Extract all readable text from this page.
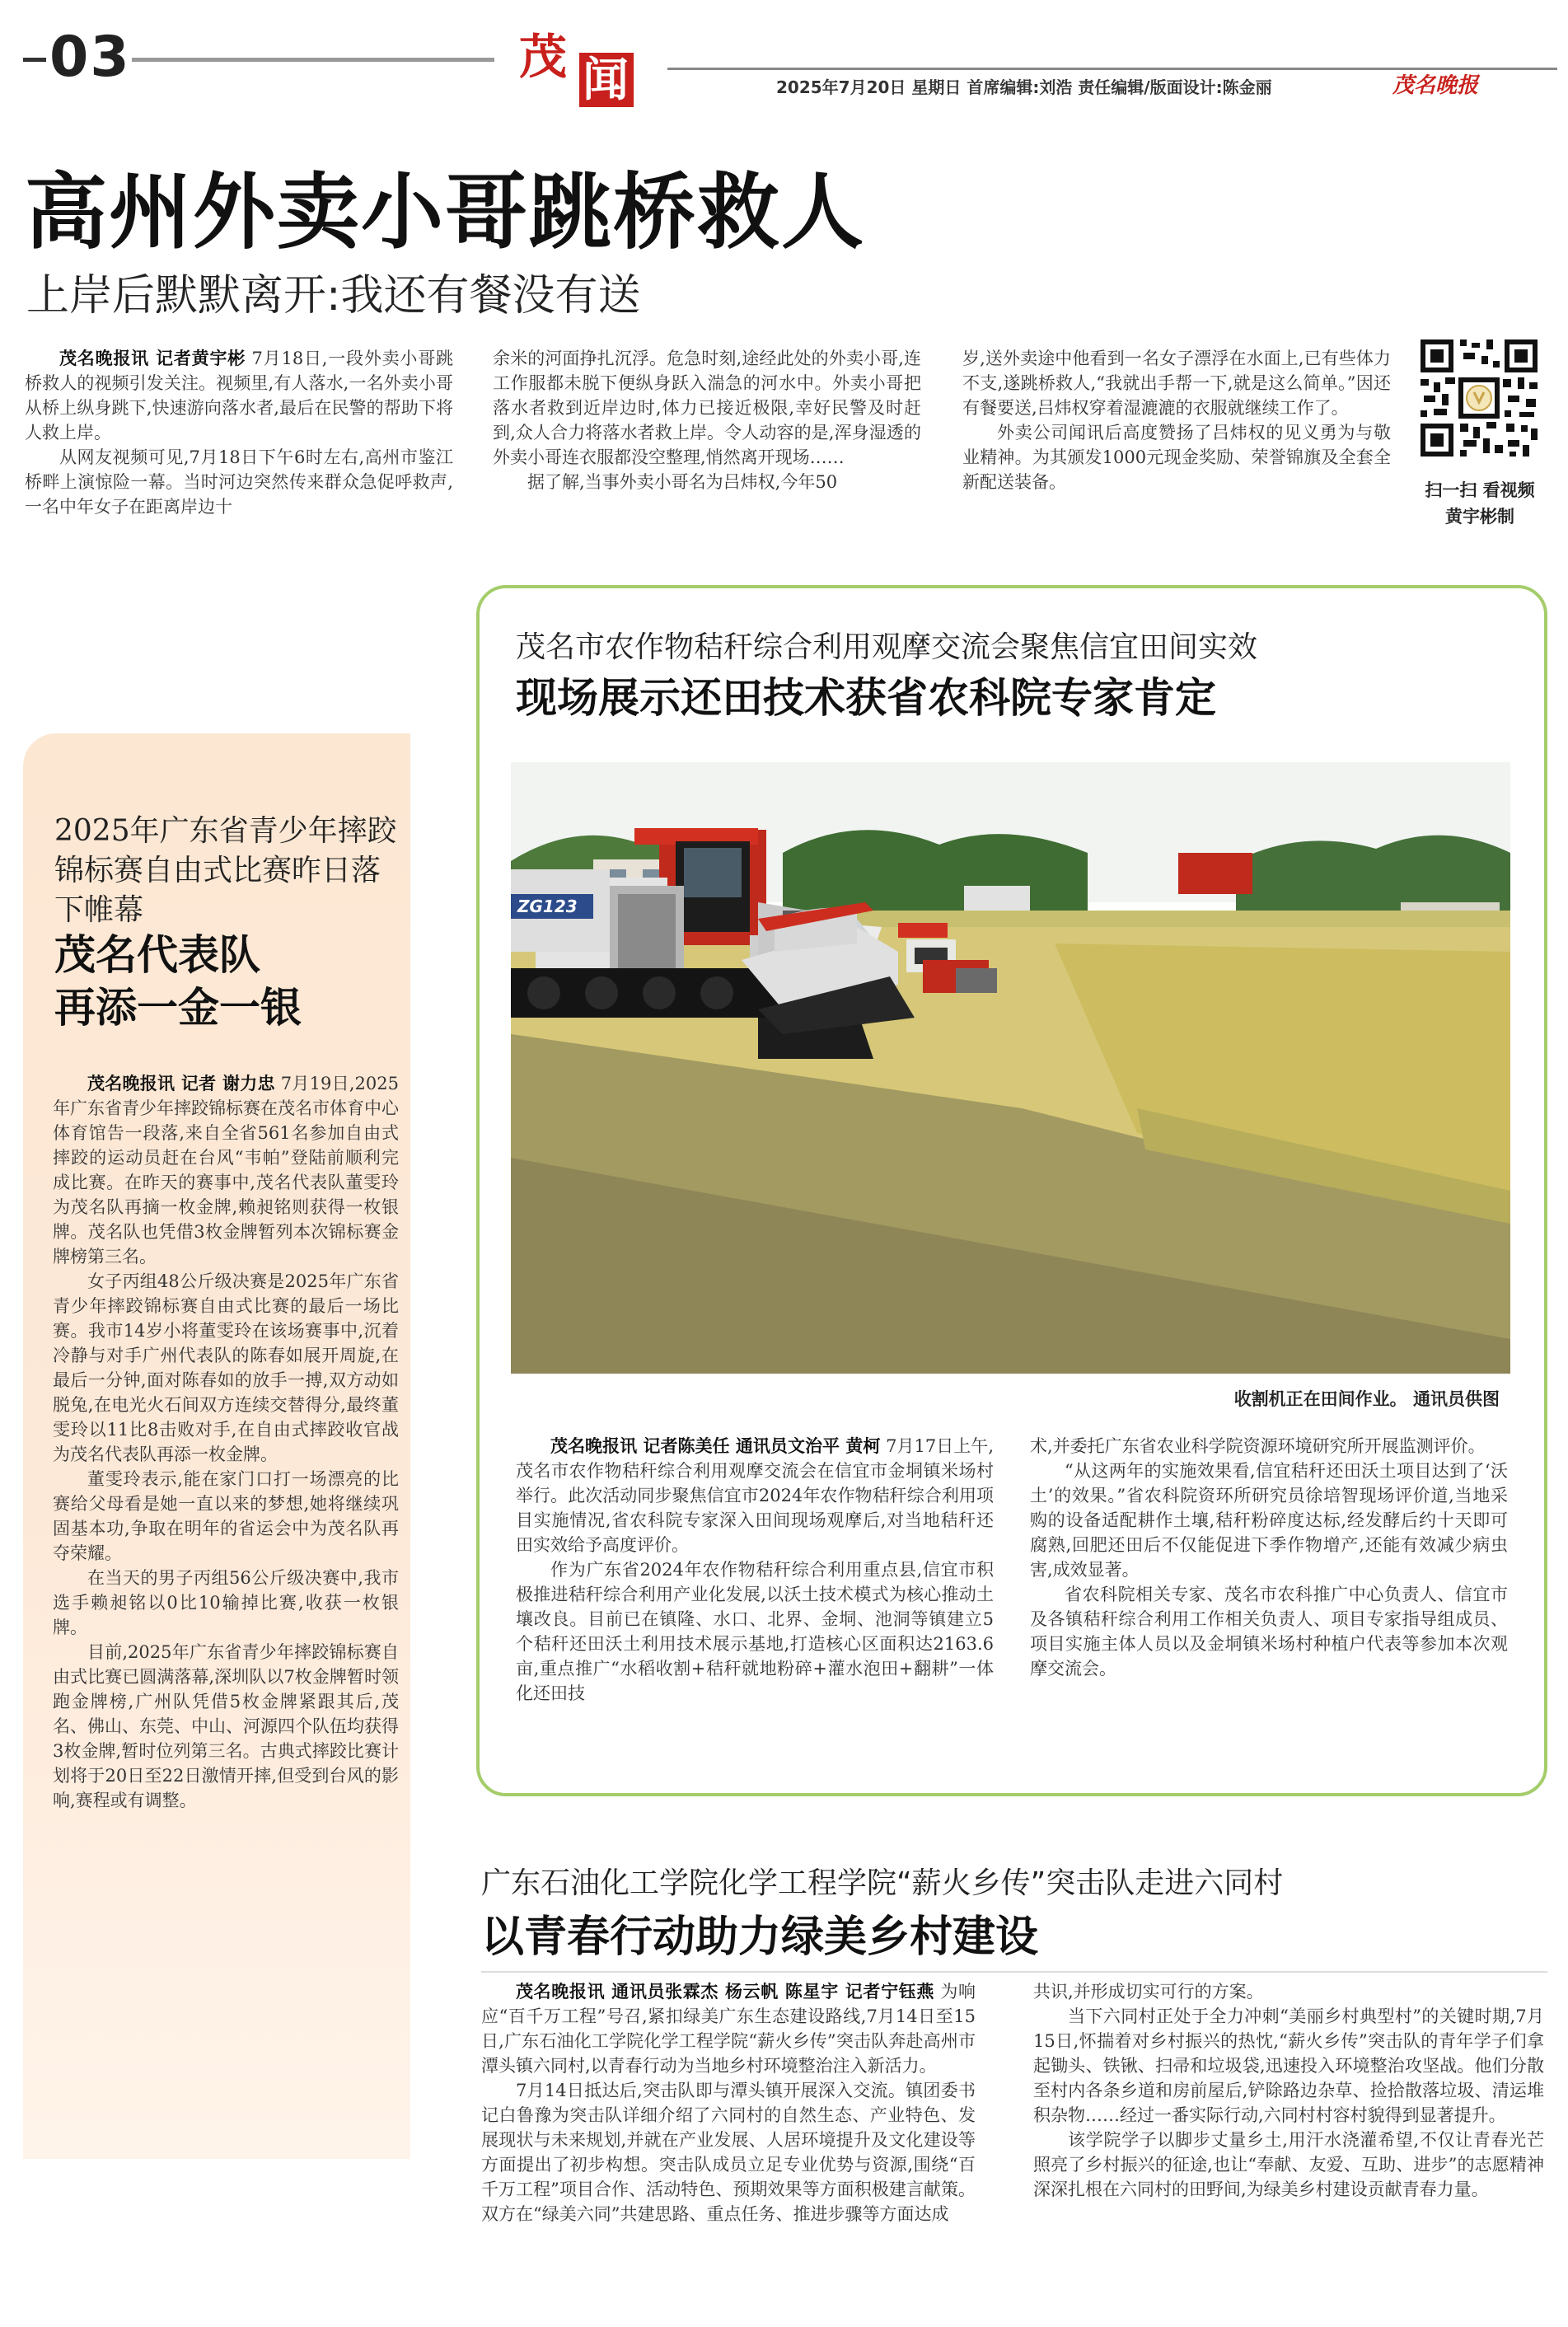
03	茂 闻	2025年7月20日 星期日 首席编辑:刘浩 责任编辑/版面设计:陈金丽	茂名晚报
高州外卖小哥跳桥救人
上岸后默默离开:我还有餐没有送

茂名晚报讯 记者黄宇彬 7月18日,一段外卖小哥跳桥救人的视频引发关注。视频里,有人落水,一名外卖小哥从桥上纵身跳下,快速游向落水者,最后在民警的帮助下将人救上岸。

从网友视频可见,7月18日下午6时左右,高州市鉴江桥畔上演惊险一幕。当时河边突然传来群众急促呼救声,一名中年女子在距离岸边十

余米的河面挣扎沉浮。危急时刻,途经此处的外卖小哥,连工作服都未脱下便纵身跃入湍急的河水中。外卖小哥把落水者救到近岸边时,体力已接近极限,幸好民警及时赶到,众人合力将落水者救上岸。令人动容的是,浑身湿透的外卖小哥连衣服都没空整理,悄然离开现场……

据了解,当事外卖小哥名为吕炜权,今年50

岁,送外卖途中他看到一名女子漂浮在水面上,已有些体力不支,遂跳桥救人,“我就出手帮一下,就是这么简单。”因还有餐要送,吕炜权穿着湿漉漉的衣服就继续工作了。

外卖公司闻讯后高度赞扬了吕炜权的见义勇为与敬业精神。为其颁发1000元现金奖励、荣誉锦旗及全套全新配送装备。	扫一扫 看视频
黄宇彬制
2025年广东省青少年摔跤锦标赛自由式比赛昨日落下帷幕
茂名代表队
再添一金一银

茂名晚报讯 记者 谢力忠 7月19日,2025年广东省青少年摔跤锦标赛在茂名市体育中心体育馆告一段落,来自全省561名参加自由式摔跤的运动员赶在台风“韦帕”登陆前顺利完成比赛。在昨天的赛事中,茂名代表队董雯玲为茂名队再摘一枚金牌,赖昶铭则获得一枚银牌。茂名队也凭借3枚金牌暂列本次锦标赛金牌榜第三名。

女子丙组48公斤级决赛是2025年广东省青少年摔跤锦标赛自由式比赛的最后一场比赛。我市14岁小将董雯玲在该场赛事中,沉着冷静与对手广州代表队的陈春如展开周旋,在最后一分钟,面对陈春如的放手一搏,双方动如脱兔,在电光火石间双方连续交替得分,最终董雯玲以11比8击败对手,在自由式摔跤收官战为茂名代表队再添一枚金牌。

董雯玲表示,能在家门口打一场漂亮的比赛给父母看是她一直以来的梦想,她将继续巩固基本功,争取在明年的省运会中为茂名队再夺荣耀。

在当天的男子丙组56公斤级决赛中,我市选手赖昶铭以0比10输掉比赛,收获一枚银牌。

目前,2025年广东省青少年摔跤锦标赛自由式比赛已圆满落幕,深圳队以7枚金牌暂时领跑金牌榜,广州队凭借5枚金牌紧跟其后,茂名、佛山、东莞、中山、河源四个队伍均获得3枚金牌,暂时位列第三名。古典式摔跤比赛计划将于20日至22日激情开摔,但受到台风的影响,赛程或有调整。

茂名市农作物秸秆综合利用观摩交流会聚焦信宜田间实效
现场展示还田技术获省农科院专家肯定
ZG123
收割机正在田间作业。 通讯员供图

茂名晚报讯 记者陈美任 通讯员文治平 黄柯 7月17日上午,茂名市农作物秸秆综合利用观摩交流会在信宜市金垌镇米场村举行。此次活动同步聚焦信宜市2024年农作物秸秆综合利用项目实施情况,省农科院专家深入田间现场观摩后,对当地秸秆还田实效给予高度评价。

作为广东省2024年农作物秸秆综合利用重点县,信宜市积极推进秸秆综合利用产业化发展,以沃土技术模式为核心推动土壤改良。目前已在镇隆、水口、北界、金垌、池洞等镇建立5个秸秆还田沃土利用技术展示基地,打造核心区面积达2163.6亩,重点推广“水稻收割+秸秆就地粉碎+灌水泡田+翻耕”一体化还田技

术,并委托广东省农业科学院资源环境研究所开展监测评价。

“从这两年的实施效果看,信宜秸秆还田沃土项目达到了‘沃土’的效果。”省农科院资环所研究员徐培智现场评价道,当地采购的设备适配耕作土壤,秸秆粉碎度达标,经发酵后约十天即可腐熟,回肥还田后不仅能促进下季作物增产,还能有效减少病虫害,成效显著。

省农科院相关专家、茂名市农科推广中心负责人、信宜市及各镇秸秆综合利用工作相关负责人、项目专家指导组成员、项目实施主体人员以及金垌镇米场村种植户代表等参加本次观摩交流会。

广东石油化工学院化学工程学院“薪火乡传”突击队走进六同村
以青春行动助力绿美乡村建设

茂名晚报讯 通讯员张霖杰 杨云帆 陈星宇 记者宁钰燕 为响应“百千万工程”号召,紧扣绿美广东生态建设路线,7月14日至15日,广东石油化工学院化学工程学院“薪火乡传”突击队奔赴高州市潭头镇六同村,以青春行动为当地乡村环境整治注入新活力。

7月14日抵达后,突击队即与潭头镇开展深入交流。镇团委书记白鲁豫为突击队详细介绍了六同村的自然生态、产业特色、发展现状与未来规划,并就在产业发展、人居环境提升及文化建设等方面提出了初步构想。突击队成员立足专业优势与资源,围绕“百千万工程”项目合作、活动特色、预期效果等方面积极建言献策。双方在“绿美六同”共建思路、重点任务、推进步骤等方面达成

共识,并形成切实可行的方案。

当下六同村正处于全力冲刺“美丽乡村典型村”的关键时期,7月15日,怀揣着对乡村振兴的热忱,“薪火乡传”突击队的青年学子们拿起锄头、铁锹、扫帚和垃圾袋,迅速投入环境整治攻坚战。他们分散至村内各条乡道和房前屋后,铲除路边杂草、捡拾散落垃圾、清运堆积杂物……经过一番实际行动,六同村村容村貌得到显著提升。

该学院学子以脚步丈量乡土,用汗水浇灌希望,不仅让青春光芒照亮了乡村振兴的征途,也让“奉献、友爱、互助、进步”的志愿精神深深扎根在六同村的田野间,为绿美乡村建设贡献青春力量。
